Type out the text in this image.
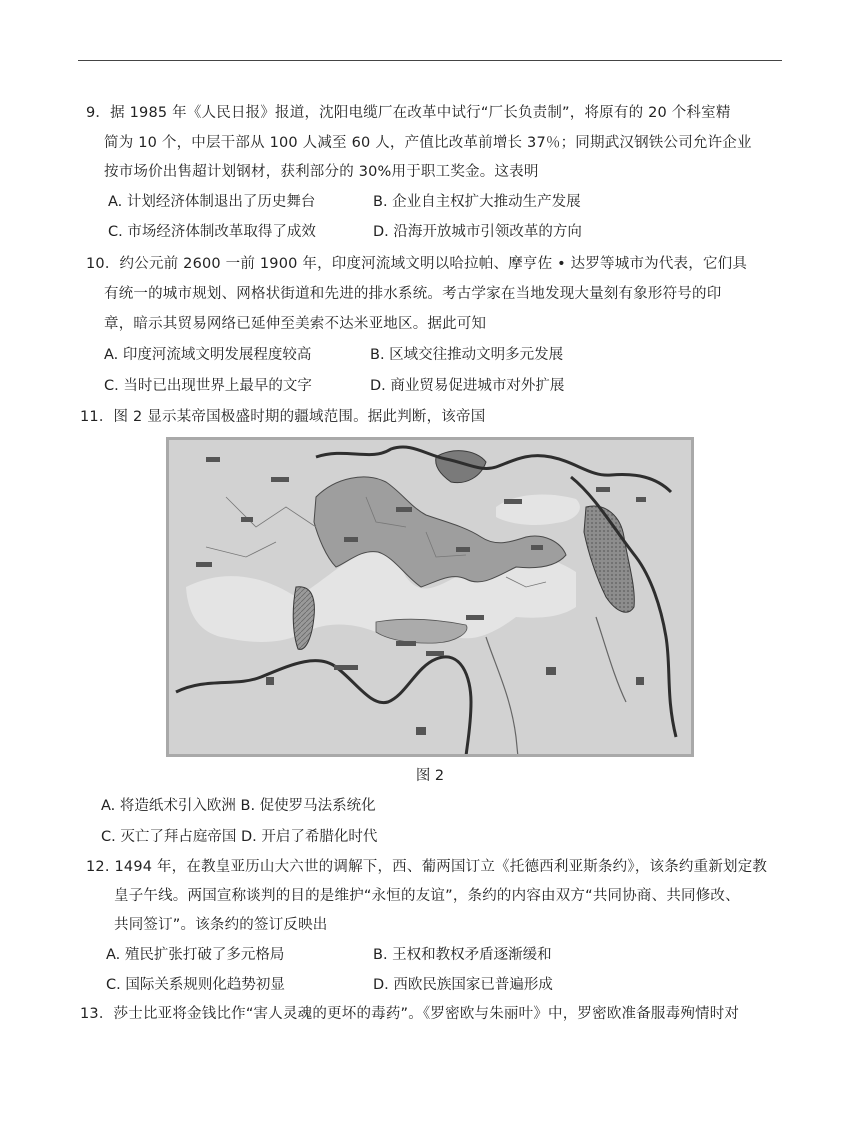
9．据 1985 年《人民日报》报道，沈阳电缆厂在改革中试行“厂长负责制”，将原有的 20 个科室精
简为 10 个，中层干部从 100 人减至 60 人，产值比改革前增长 37％；同期武汉钢铁公司允许企业
按市场价出售超计划钢材，获利部分的 30%用于职工奖金。这表明
A. 计划经济体制退出了历史舞台	B. 企业自主权扩大推动生产发展
C. 市场经济体制改革取得了成效	D. 沿海开放城市引领改革的方向
10．约公元前 2600 一前 1900 年，印度河流域文明以哈拉帕、摩亨佐 • 达罗等城市为代表，它们具
有统一的城市规划、网格状街道和先进的排水系统。考古学家在当地发现大量刻有象形符号的印
章，暗示其贸易网络已延伸至美索不达米亚地区。据此可知
A. 印度河流域文明发展程度较高	B. 区域交往推动文明多元发展
C. 当时已出现世界上最早的文字	D. 商业贸易促进城市对外扩展
11．图 2 显示某帝国极盛时期的疆域范围。据此判断，该帝国
图 2
A. 将造纸术引入欧洲 B. 促使罗马法系统化
C. 灭亡了拜占庭帝国 D. 开启了希腊化时代
12. 1494 年，在教皇亚历山大六世的调解下，西、葡两国订立《托德西利亚斯条约》，该条约重新划定教
皇子午线。两国宣称谈判的目的是维护“永恒的友谊”，条约的内容由双方“共同协商、共同修改、
共同签订”。该条约的签订反映出
A. 殖民扩张打破了多元格局	B. 王权和教权矛盾逐渐缓和
C. 国际关系规则化趋势初显	D. 西欧民族国家已普遍形成
13．莎士比亚将金钱比作“害人灵魂的更坏的毒药”。《罗密欧与朱丽叶》中，罗密欧准备服毒殉情时对
